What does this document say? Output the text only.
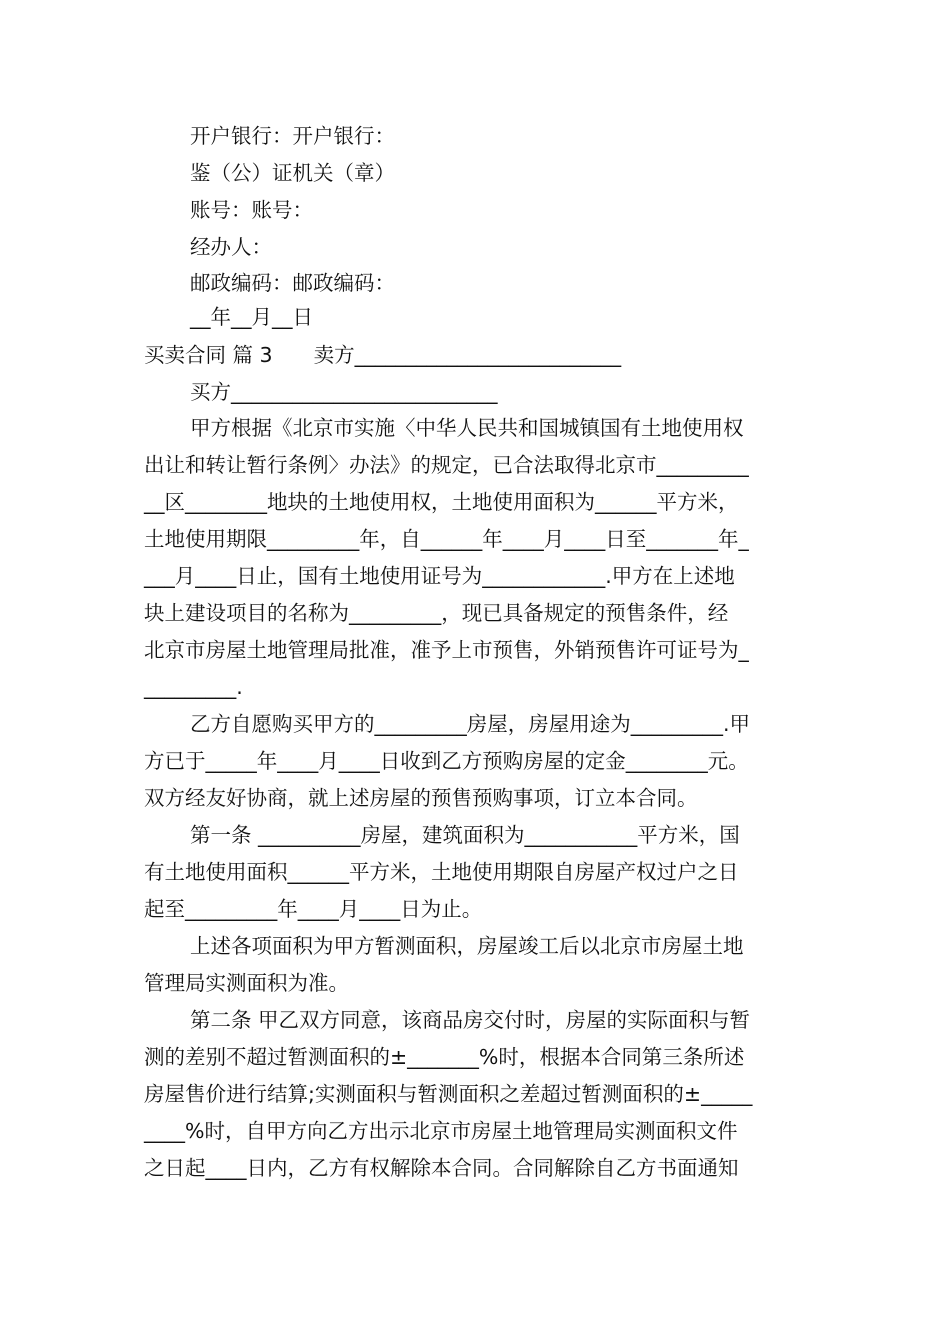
开户银行：开户银行：
鉴（公）证机关（章）
账号：账号：
经办人：
邮政编码：邮政编码：
__年__月__日
买卖合同 篇 3　　卖方__________________________
买方__________________________
甲方根据《北京市实施〈中华人民共和国城镇国有土地使用权
出让和转让暂行条例〉办法》的规定，已合法取得北京市_________
__区________地块的土地使用权，土地使用面积为______平方米，
土地使用期限_________年，自______年____月____日至_______年_
___月____日止，国有土地使用证号为____________.甲方在上述地
块上建设项目的名称为_________，现已具备规定的预售条件，经
北京市房屋土地管理局批准，准予上市预售，外销预售许可证号为_
_________.
乙方自愿购买甲方的_________房屋，房屋用途为_________.甲
方已于_____年____月____日收到乙方预购房屋的定金________元。
双方经友好协商，就上述房屋的预售预购事项，订立本合同。
第一条 __________房屋，建筑面积为___________平方米，国
有土地使用面积______平方米，土地使用期限自房屋产权过户之日
起至_________年____月____日为止。
上述各项面积为甲方暂测面积，房屋竣工后以北京市房屋土地
管理局实测面积为准。
第二条 甲乙双方同意，该商品房交付时，房屋的实际面积与暂
测的差别不超过暂测面积的±_______%时，根据本合同第三条所述
房屋售价进行结算;实测面积与暂测面积之差超过暂测面积的±_____
____%时，自甲方向乙方出示北京市房屋土地管理局实测面积文件
之日起____日内，乙方有权解除本合同。合同解除自乙方书面通知
